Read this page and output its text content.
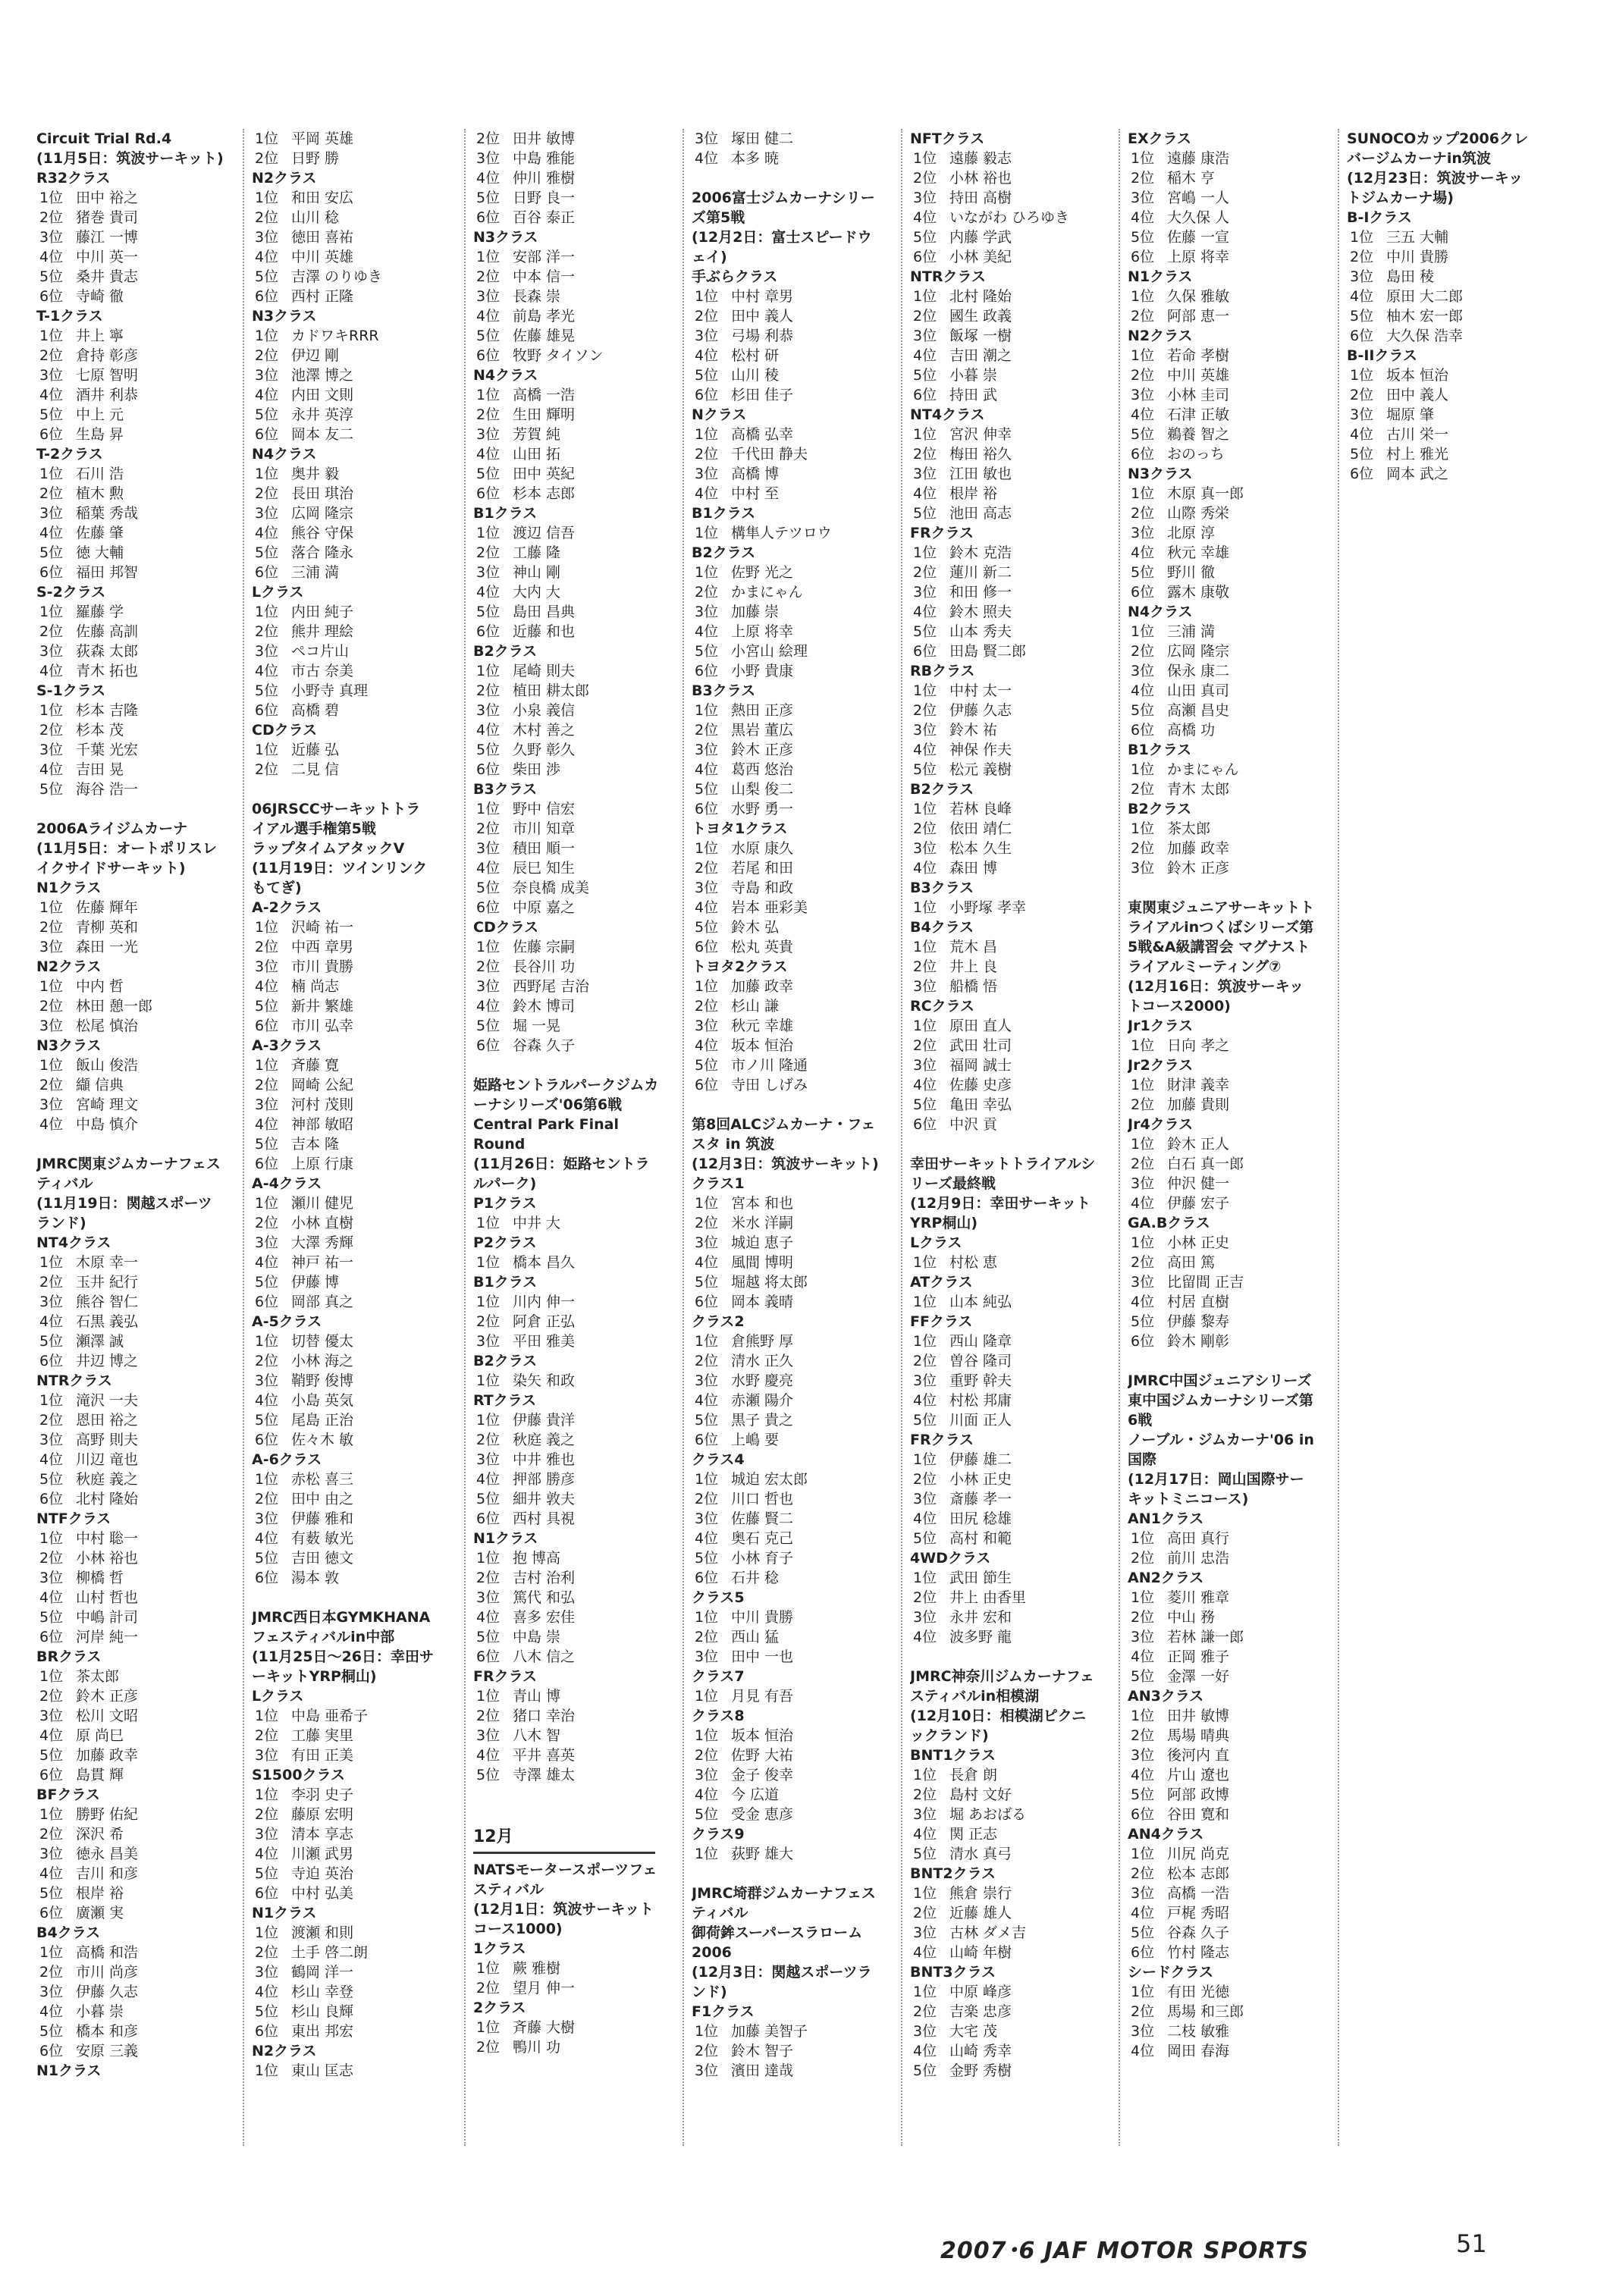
Circuit Trial Rd.4
(11月5日：筑波サーキット)
R32クラス
1位 田中 裕之
2位 猪巻 貴司
3位 藤江 一博
4位 中川 英一
5位 桑井 貴志
6位 寺崎 徹
T-1クラス
1位 井上 寧
2位 倉持 彰彦
3位 七原 智明
4位 酒井 利恭
5位 中上 元
6位 生島 昇
T-2クラス
1位 石川 浩
2位 植木 勲
3位 稲葉 秀哉
4位 佐藤 肇
5位 徳 大輔
6位 福田 邦智
S-2クラス
1位 羅藤 学
2位 佐藤 高訓
3位 荻森 太郎
4位 青木 拓也
S-1クラス
1位 杉本 吉隆
2位 杉本 茂
3位 千葉 光宏
4位 吉田 晃
5位 海谷 浩一
2006Aライジムカーナ
(11月5日：オートポリスレ
イクサイドサーキット)
N1クラス
1位 佐藤 輝年
2位 青柳 英和
3位 森田 一光
N2クラス
1位 中内 哲
2位 林田 憩一郎
3位 松尾 慎治
N3クラス
1位 飯山 俊浩
2位 纈 信典
3位 宮崎 理文
4位 中島 慎介
JMRC関東ジムカーナフェス
ティバル
(11月19日：関越スポーツ
ランド)
NT4クラス
1位 木原 幸一
2位 玉井 紀行
3位 熊谷 智仁
4位 石黒 義弘
5位 瀬澤 誠
6位 井辺 博之
NTRクラス
1位 滝沢 一夫
2位 恩田 裕之
3位 高野 則夫
4位 川辺 竜也
5位 秋庭 義之
6位 北村 隆始
NTFクラス
1位 中村 聡一
2位 小林 裕也
3位 柳橋 哲
4位 山村 哲也
5位 中嶋 計司
6位 河岸 純一
BRクラス
1位 茶太郎
2位 鈴木 正彦
3位 松川 文昭
4位 原 尚巳
5位 加藤 政幸
6位 島貫 輝
BFクラス
1位 勝野 佑紀
2位 深沢 希
3位 徳永 昌美
4位 吉川 和彦
5位 根岸 裕
6位 廣瀬 実
B4クラス
1位 高橋 和浩
2位 市川 尚彦
3位 伊藤 久志
4位 小暮 崇
5位 橋本 和彦
6位 安原 三義
N1クラス
1位 平岡 英雄
2位 日野 勝
N2クラス
1位 和田 安広
2位 山川 稔
3位 徳田 喜祐
4位 中川 英雄
5位 吉澤 のりゆき
6位 西村 正隆
N3クラス
1位 カドワキRRR
2位 伊辺 剛
3位 池澤 博之
4位 内田 文則
5位 永井 英淳
6位 岡本 友二
N4クラス
1位 奥井 毅
2位 長田 琪治
3位 広岡 隆宗
4位 熊谷 守保
5位 落合 隆永
6位 三浦 満
Lクラス
1位 内田 純子
2位 熊井 理絵
3位 ペコ片山
4位 市古 奈美
5位 小野寺 真理
6位 高橋 碧
CDクラス
1位 近藤 弘
2位 二見 信
06JRSCCサーキットトラ
イアル選手権第5戦
ラップタイムアタックV
(11月19日：ツインリンク
もてぎ)
A-2クラス
1位 沢崎 祐一
2位 中西 章男
3位 市川 貴勝
4位 楠 尚志
5位 新井 繁雄
6位 市川 弘幸
A-3クラス
1位 斉藤 寛
2位 岡崎 公紀
3位 河村 茂則
4位 神部 敏昭
5位 吉本 隆
6位 上原 行康
A-4クラス
1位 瀬川 健児
2位 小林 直樹
3位 大澤 秀輝
4位 神戸 祐一
5位 伊藤 博
6位 岡部 真之
A-5クラス
1位 切替 優太
2位 小林 海之
3位 鞘野 俊博
4位 小島 英気
5位 尾島 正治
6位 佐々木 敏
A-6クラス
1位 赤松 喜三
2位 田中 由之
3位 伊藤 雅和
4位 有薮 敏光
5位 吉田 徳文
6位 湯本 敦
JMRC西日本GYMKHANA
フェスティバルin中部
(11月25日〜26日：幸田サ
ーキットYRP桐山)
Lクラス
1位 中島 亜希子
2位 工藤 実里
3位 有田 正美
S1500クラス
1位 李羽 史子
2位 藤原 宏明
3位 清本 享志
4位 川瀬 武男
5位 寺迫 英治
6位 中村 弘美
N1クラス
1位 渡瀬 和則
2位 土手 啓二朗
3位 鶴岡 洋一
4位 杉山 幸登
5位 杉山 良輝
6位 東出 邦宏
N2クラス
1位 東山 匡志
2位 田井 敏博
3位 中島 雅能
4位 仲川 雅樹
5位 日野 良一
6位 百谷 泰正
N3クラス
1位 安部 洋一
2位 中本 信一
3位 長森 崇
4位 前島 孝光
5位 佐藤 雄晃
6位 牧野 タイソン
N4クラス
1位 高橋 一浩
2位 生田 輝明
3位 芳賀 純
4位 山田 拓
5位 田中 英紀
6位 杉本 志郎
B1クラス
1位 渡辺 信吾
2位 工藤 隆
3位 神山 剛
4位 大内 大
5位 島田 昌典
6位 近藤 和也
B2クラス
1位 尾崎 則夫
2位 植田 耕太郎
3位 小泉 義信
4位 木村 善之
5位 久野 彰久
6位 柴田 渉
B3クラス
1位 野中 信宏
2位 市川 知章
3位 積田 順一
4位 辰巳 知生
5位 奈良橋 成美
6位 中原 嘉之
CDクラス
1位 佐藤 宗嗣
2位 長谷川 功
3位 西野尾 吉治
4位 鈴木 博司
5位 堀 一晃
6位 谷森 久子
姫路セントラルパークジムカ
ーナシリーズ'06第6戦
Central Park Final
Round
(11月26日：姫路セントラ
ルパーク)
P1クラス
1位 中井 大
P2クラス
1位 橋本 昌久
B1クラス
1位 川内 伸一
2位 阿倉 正弘
3位 平田 雅美
B2クラス
1位 染矢 和政
RTクラス
1位 伊藤 貴洋
2位 秋庭 義之
3位 中井 雅也
4位 押部 勝彦
5位 細井 敦夫
6位 西村 具視
N1クラス
1位 抱 博高
2位 吉村 治利
3位 篤代 和弘
4位 喜多 宏佳
5位 中島 崇
6位 八木 信之
FRクラス
1位 青山 博
2位 猪口 幸治
3位 八木 智
4位 平井 喜英
5位 寺澤 雄太
12月
NATSモータースポーツフェ
スティバル
(12月1日：筑波サーキット
コース1000)
1クラス
1位 蕨 雅樹
2位 望月 伸一
2クラス
1位 斉藤 大樹
2位 鴨川 功
3位 塚田 健二
4位 本多 暁
2006富士ジムカーナシリー
ズ第5戦
(12月2日：富士スピードウ
ェイ)
手ぶらクラス
1位 中村 章男
2位 田中 義人
3位 弓場 利恭
4位 松村 研
5位 山川 稜
6位 杉田 佳子
Nクラス
1位 高橋 弘幸
2位 千代田 静夫
3位 高橋 博
4位 中村 至
B1クラス
1位 構隼人テツロウ
B2クラス
1位 佐野 光之
2位 かまにゃん
3位 加藤 崇
4位 上原 将幸
5位 小宮山 絵理
6位 小野 貴康
B3クラス
1位 熱田 正彦
2位 黒岩 董広
3位 鈴木 正彦
4位 葛西 悠治
5位 山梨 俊二
6位 水野 勇一
トヨタ1クラス
1位 水原 康久
2位 若尾 和田
3位 寺島 和政
4位 岩本 亜彩美
5位 鈴木 弘
6位 松丸 英貴
トヨタ2クラス
1位 加藤 政幸
2位 杉山 謙
3位 秋元 幸雄
4位 坂本 恒治
5位 市ノ川 隆通
6位 寺田 しげみ
第8回ALCジムカーナ・フェ
スタ in 筑波
(12月3日：筑波サーキット)
クラス1
1位 宮本 和也
2位 米水 洋嗣
3位 城迫 恵子
4位 風間 博明
5位 堀越 将太郎
6位 岡本 義晴
クラス2
1位 倉熊野 厚
2位 清水 正久
3位 水野 慶亮
4位 赤瀬 陽介
5位 黒子 貴之
6位 上嶋 要
クラス4
1位 城迫 宏太郎
2位 川口 哲也
3位 佐藤 賢二
4位 奥石 克己
5位 小林 育子
6位 石井 稔
クラス5
1位 中川 貴勝
2位 西山 猛
3位 田中 一也
クラス7
1位 月見 有吾
クラス8
1位 坂本 恒治
2位 佐野 大祐
3位 金子 俊幸
4位 今 広道
5位 受金 恵彦
クラス9
1位 荻野 雄大
JMRC埼群ジムカーナフェス
ティバル
御荷鉾スーパースラローム
2006
(12月3日：関越スポーツラ
ンド)
F1クラス
1位 加藤 美智子
2位 鈴木 智子
3位 濱田 達哉
NFTクラス
1位 遠藤 毅志
2位 小林 裕也
3位 持田 高樹
4位 いながわ ひろゆき
5位 内藤 学武
6位 小林 美紀
NTRクラス
1位 北村 隆始
2位 國生 政義
3位 飯塚 一樹
4位 吉田 潮之
5位 小暮 崇
6位 持田 武
NT4クラス
1位 宮沢 伸幸
2位 梅田 裕久
3位 江田 敏也
4位 根岸 裕
5位 池田 高志
FRクラス
1位 鈴木 克浩
2位 蓮川 新二
3位 和田 修一
4位 鈴木 照夫
5位 山本 秀夫
6位 田島 賢二郎
RBクラス
1位 中村 太一
2位 伊藤 久志
3位 鈴木 祐
4位 神保 作夫
5位 松元 義樹
B2クラス
1位 若林 良峰
2位 依田 靖仁
3位 松本 久生
4位 森田 博
B3クラス
1位 小野塚 孝幸
B4クラス
1位 荒木 昌
2位 井上 良
3位 船橋 悟
RCクラス
1位 原田 直人
2位 武田 壮司
3位 福岡 誠士
4位 佐藤 史彦
5位 亀田 幸弘
6位 中沢 貢
幸田サーキットトライアルシ
リーズ最終戦
(12月9日：幸田サーキット
YRP桐山)
Lクラス
1位 村松 恵
ATクラス
1位 山本 純弘
FFクラス
1位 西山 隆章
2位 曽谷 隆司
3位 重野 幹夫
4位 村松 邦庸
5位 川面 正人
FRクラス
1位 伊藤 雄二
2位 小林 正史
3位 斎藤 孝一
4位 田尻 稔雄
5位 高村 和範
4WDクラス
1位 武田 節生
2位 井上 由香里
3位 永井 宏和
4位 波多野 龍
JMRC神奈川ジムカーナフェ
スティバルin相模湖
(12月10日：相模湖ピクニ
ックランド)
BNT1クラス
1位 長倉 朗
2位 島村 文好
3位 堀 あおばる
4位 関 正志
5位 清水 真弓
BNT2クラス
1位 熊倉 崇行
2位 近藤 雄人
3位 古林 ダメ吉
4位 山崎 年樹
BNT3クラス
1位 中原 峰彦
2位 吉楽 忠彦
3位 大宅 茂
4位 山崎 秀幸
5位 金野 秀樹
EXクラス
1位 遠藤 康浩
2位 稲木 亨
3位 宮嶋 一人
4位 大久保 人
5位 佐藤 一宣
6位 上原 将幸
N1クラス
1位 久保 雅敏
2位 阿部 恵一
N2クラス
1位 若命 孝樹
2位 中川 英雄
3位 小林 圭司
4位 石津 正敏
5位 鵜養 智之
6位 おのっち
N3クラス
1位 木原 真一郎
2位 山際 秀栄
3位 北原 淳
4位 秋元 幸雄
5位 野川 徹
6位 露木 康敬
N4クラス
1位 三浦 満
2位 広岡 隆宗
3位 保永 康二
4位 山田 真司
5位 高瀬 昌史
6位 高橋 功
B1クラス
1位 かまにゃん
2位 青木 太郎
B2クラス
1位 茶太郎
2位 加藤 政幸
3位 鈴木 正彦
東関東ジュニアサーキットト
ライアルinつくばシリーズ第
5戦&A級講習会 マグナスト
ライアルミーティング⑦
(12月16日：筑波サーキッ
トコース2000)
Jr1クラス
1位 日向 孝之
Jr2クラス
1位 財津 義幸
2位 加藤 貴則
Jr4クラス
1位 鈴木 正人
2位 白石 真一郎
3位 仲沢 健一
4位 伊藤 宏子
GA.Bクラス
1位 小林 正史
2位 高田 篤
3位 比留間 正吉
4位 村居 直樹
5位 伊藤 黎寿
6位 鈴木 剛彰
JMRC中国ジュニアシリーズ
東中国ジムカーナシリーズ第
6戦
ノーブル・ジムカーナ'06 in
国際
(12月17日：岡山国際サー
キットミニコース)
AN1クラス
1位 高田 真行
2位 前川 忠浩
AN2クラス
1位 菱川 雅章
2位 中山 務
3位 若林 謙一郎
4位 正岡 雅子
5位 金澤 一好
AN3クラス
1位 田井 敏博
2位 馬場 晴典
3位 後河内 直
4位 片山 遼也
5位 阿部 政博
6位 谷田 寛和
AN4クラス
1位 川尻 尚克
2位 松本 志郎
3位 高橋 一浩
4位 戸梶 秀昭
5位 谷森 久子
6位 竹村 隆志
シードクラス
1位 有田 光徳
2位 馬場 和三郎
3位 二枝 敏雅
4位 岡田 春海
SUNOCOカップ2006クレ
バージムカーナin筑波
(12月23日：筑波サーキッ
トジムカーナ場)
B-Iクラス
1位 三五 大輔
2位 中川 貴勝
3位 島田 稜
4位 原田 大二郎
5位 柚木 宏一郎
6位 大久保 浩幸
B-IIクラス
1位 坂本 恒治
2位 田中 義人
3位 堀原 肇
4位 古川 栄一
5位 村上 雅光
6位 岡本 武之
2007･6 JAF MOTOR SPORTS	51
